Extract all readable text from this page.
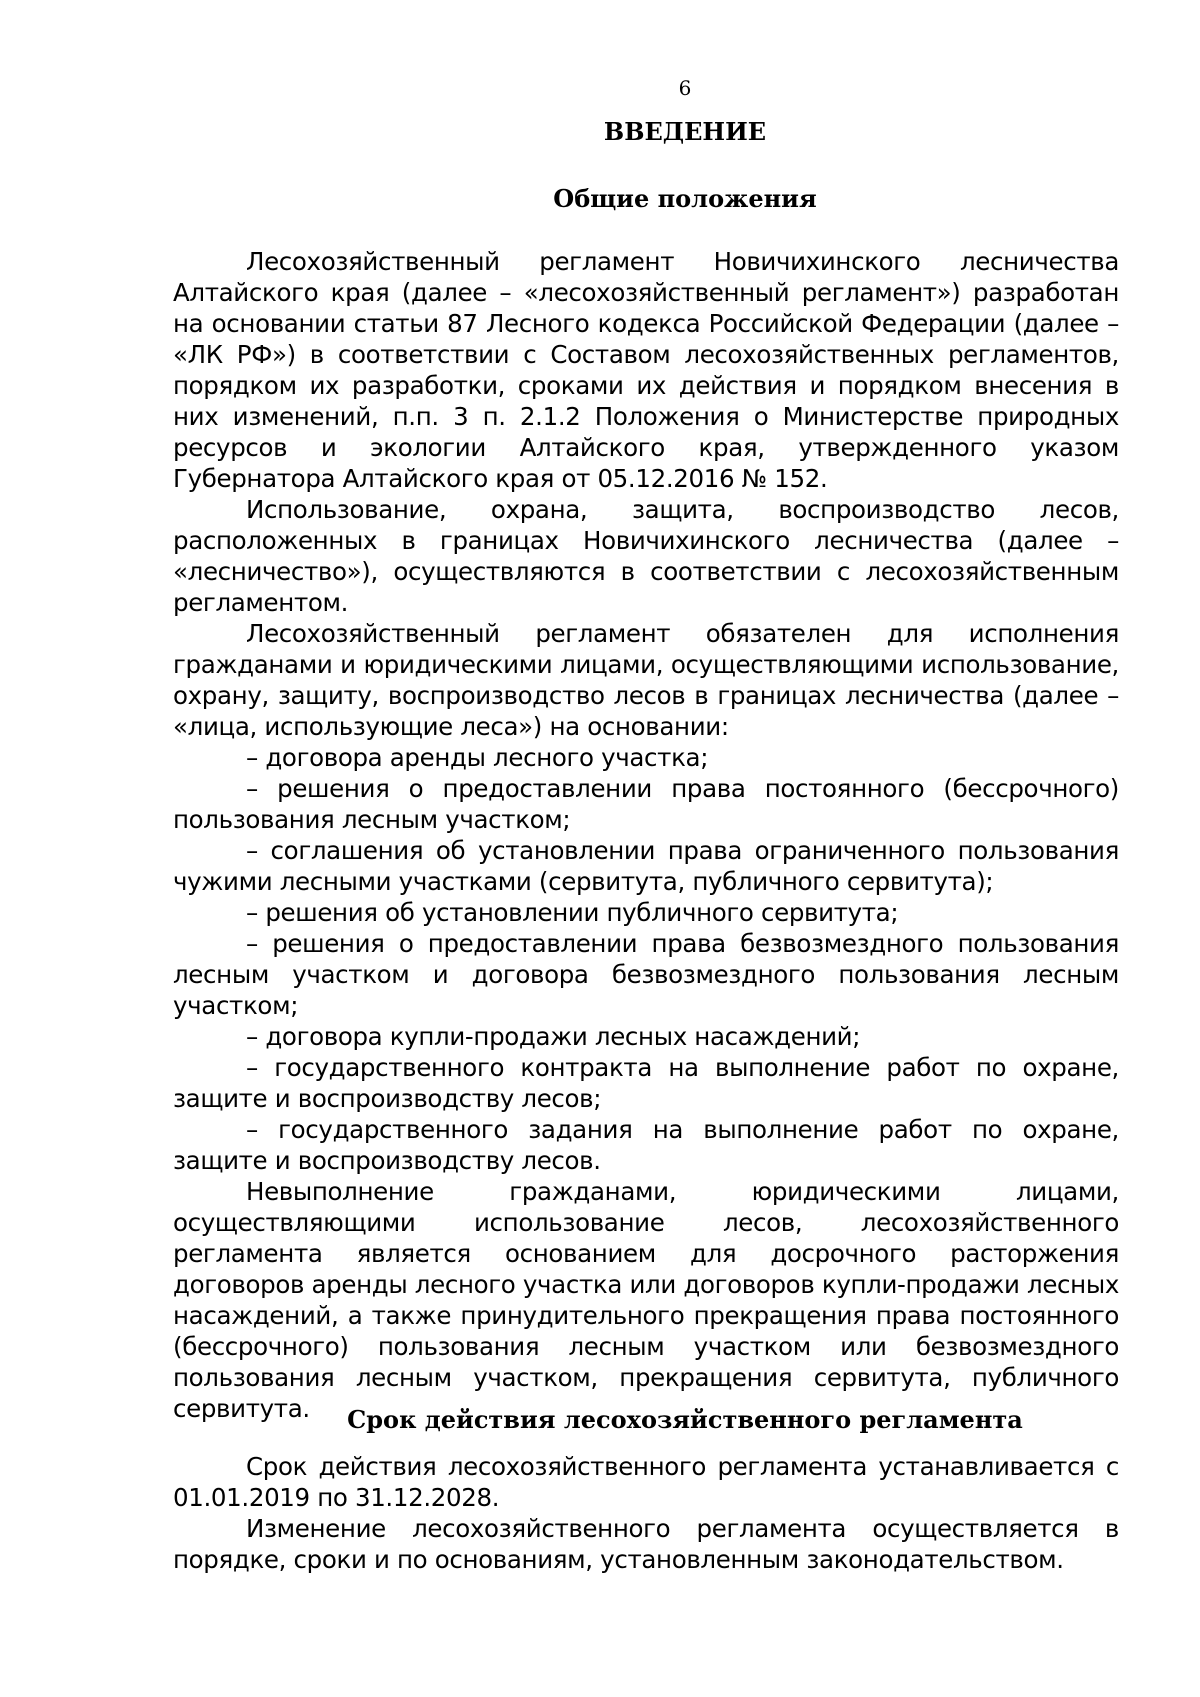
6
ВВЕДЕНИЕ
Общие положения

Лесохозяйственный регламент Новичихинского лесничества Алтайского края (далее – «лесохозяйственный регламент») разработан на основании статьи 87 Лесного кодекса Российской Федерации (далее – «ЛК РФ») в соответствии с Составом лесохозяйственных регламентов, порядком их разработки, сроками их действия и порядком внесения в них изменений, п.п. 3 п. 2.1.2 Положения о Министерстве природных ресурсов и экологии Алтайского края, утвержденного указом Губернатора Алтайского края от 05.12.2016 № 152.

Использование, охрана, защита, воспроизводство лесов, расположенных в границах Новичихинского лесничества (далее – «лесничество»), осуществляются в соответствии с лесохозяйственным регламентом.

Лесохозяйственный регламент обязателен для исполнения гражданами и юридическими лицами, осуществляющими использование, охрану, защиту, воспроизводство лесов в границах лесничества (далее – «лица, использующие леса») на основании:

– договора аренды лесного участка;

– решения о предоставлении права постоянного (бессрочного) пользования лесным участком;

– соглашения об установлении права ограниченного пользования чужими лесными участками (сервитута, публичного сервитута);

– решения об установлении публичного сервитута;

– решения о предоставлении права безвозмездного пользования лесным участком и договора безвозмездного пользования лесным участком;

– договора купли-продажи лесных насаждений;

– государственного контракта на выполнение работ по охране, защите и воспроизводству лесов;

– государственного задания на выполнение работ по охране, защите и воспроизводству лесов.

Невыполнение гражданами, юридическими лицами, осуществляющими использование лесов, лесохозяйственного регламента является основанием для досрочного расторжения договоров аренды лесного участка или договоров купли-продажи лесных насаждений, а также принудительного прекращения права постоянного (бессрочного) пользования лесным участком или безвозмездного пользования лесным участком, прекращения сервитута, публичного сервитута.	Срок действия лесохозяйственного регламента

Срок действия лесохозяйственного регламента устанавливается с 01.01.2019 по 31.12.2028.

Изменение лесохозяйственного регламента осуществляется в порядке, сроки и по основаниям, установленным законодательством.
